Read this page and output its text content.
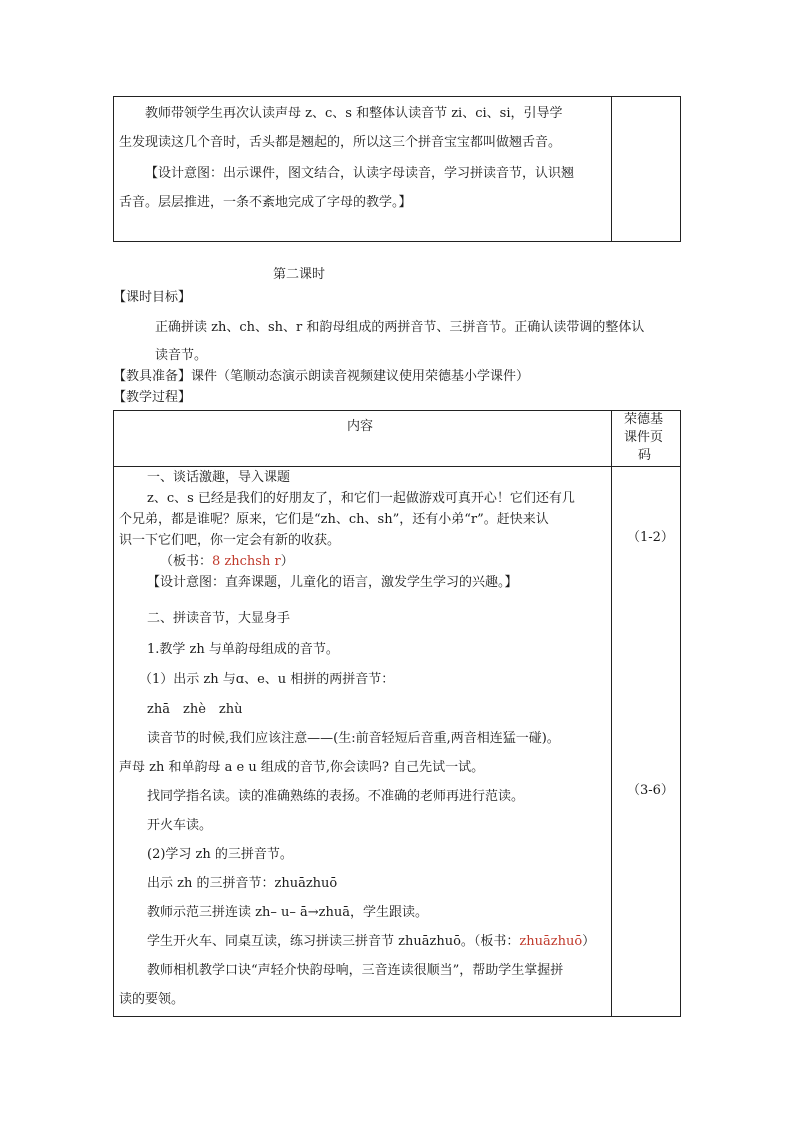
教师带领学生再次认读声母 z、c、s 和整体认读音节 zi、ci、si，引导学
生发现读这几个音时，舌头都是翘起的，所以这三个拼音宝宝都叫做翘舌音。
【设计意图：出示课件，图文结合，认读字母读音，学习拼读音节，认识翘
舌音。层层推进，一条不紊地完成了字母的教学。】
第二课时
【课时目标】
正确拼读 zh、ch、sh、r 和韵母组成的两拼音节、三拼音节。正确认读带调的整体认
读音节。
【教具准备】课件（笔顺动态演示朗读音视频建议使用荣德基小学课件）
【教学过程】
内容	荣德基
课件页
码
（1-2）
（3-6）
一、谈话激趣，导入课题
z、c、s 已经是我们的好朋友了，和它们一起做游戏可真开心！它们还有几
个兄弟，都是谁呢？原来，它们是“zh、ch、sh”，还有小弟“r”。赶快来认
识一下它们吧，你一定会有新的收获。
（板书：8 zhchsh r）
【设计意图：直奔课题，儿童化的语言，激发学生学习的兴趣。】
二、拼读音节，大显身手
1.教学 zh 与单韵母组成的音节。
（1）出示 zh 与ɑ、e、u 相拼的两拼音节：
zhā　zhè　zhù
读音节的时候,我们应该注意——(生:前音轻短后音重,两音相连猛一碰)。
声母 zh 和单韵母 a e u 组成的音节,你会读吗? 自己先试一试。
找同学指名读。读的准确熟练的表扬。不准确的老师再进行范读。
开火车读。
(2)学习 zh 的三拼音节。
出示 zh 的三拼音节：zhuāzhuō
教师示范三拼连读 zh– u– ā→zhuā，学生跟读。
学生开火车、同桌互读，练习拼读三拼音节 zhuāzhuō。（板书：zhuāzhuō）
教师相机教学口诀“声轻介快韵母响，三音连读很顺当”，帮助学生掌握拼
读的要领。
